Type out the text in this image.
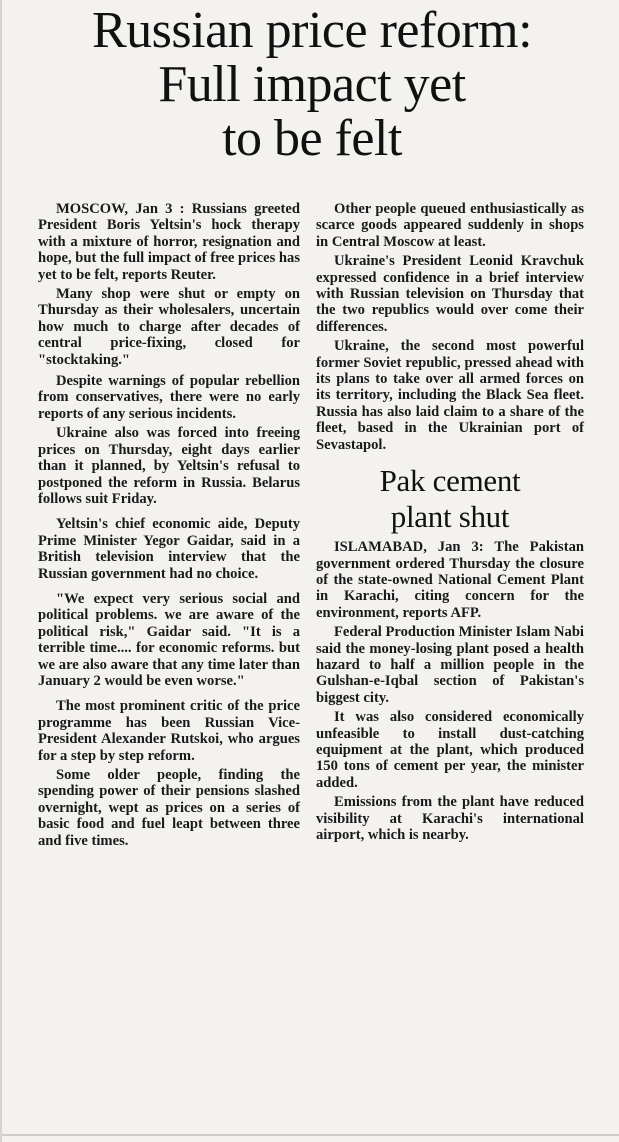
Russian price reform:
Full impact yet
to be felt

MOSCOW, Jan 3 : Russians greeted President Boris Yeltsin's hock therapy with a mixture of horror, resignation and hope, but the full impact of free prices has yet to be felt, reports Reuter.

Many shop were shut or empty on Thursday as their wholesalers, uncertain how much to charge after decades of central price-fixing, closed for "stocktaking."

Despite warnings of popular rebellion from conservatives, there were no early reports of any serious incidents.

Ukraine also was forced into freeing prices on Thursday, eight days earlier than it planned, by Yeltsin's refusal to postponed the reform in Russia. Belarus follows suit Friday.

Yeltsin's chief economic aide, Deputy Prime Minister Yegor Gaidar, said in a British television interview that the Russian government had no choice.

"We expect very serious social and political problems. we are aware of the political risk," Gaidar said. "It is a terrible time.... for economic reforms. but we are also aware that any time later than January 2 would be even worse."

The most prominent critic of the price programme has been Russian Vice-President Alexander Rutskoi, who argues for a step by step reform.

Some older people, finding the spending power of their pensions slashed overnight, wept as prices on a series of basic food and fuel leapt between three and five times.

Other people queued enthusiastically as scarce goods appeared suddenly in shops in Central Moscow at least.

Ukraine's President Leonid Kravchuk expressed confidence in a brief interview with Russian television on Thursday that the two republics would over come their differences.

Ukraine, the second most powerful former Soviet republic, pressed ahead with its plans to take over all armed forces on its territory, including the Black Sea fleet. Russia has also laid claim to a share of the fleet, based in the Ukrainian port of Sevastapol.

Pak cement
plant shut

ISLAMABAD, Jan 3: The Pakistan government ordered Thursday the closure of the state-owned National Cement Plant in Karachi, citing concern for the environment, reports AFP.

Federal Production Minister Islam Nabi said the money-losing plant posed a health hazard to half a million people in the Gulshan-e-Iqbal section of Pakistan's biggest city.

It was also considered economically unfeasible to install dust-catching equipment at the plant, which produced 150 tons of cement per year, the minister added.

Emissions from the plant have reduced visibility at Karachi's international airport, which is nearby.
